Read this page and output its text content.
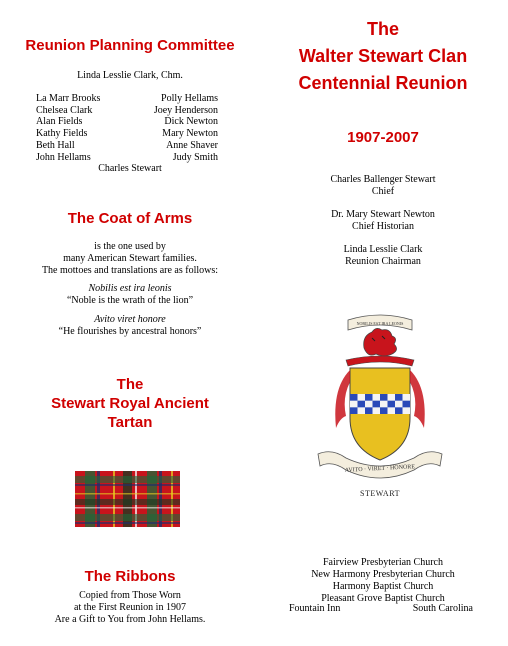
Reunion Planning Committee
Linda Lesslie Clark, Chm.
La Marr Brooks	Polly Hellams
Chelsea Clark	Joey Henderson
Alan Fields	Dick Newton
Kathy Fields	Mary Newton
Beth Hall	Anne Shaver
John Hellams	Judy Smith
Charles Stewart
The Coat of Arms
is the one used by
many American Stewart families.
The mottoes and translations are as follows:
Nobilis est ira leonis
“Noble is the wrath of the lion”
Avito viret honore
“He flourishes by ancestral honors”
The
Stewart Royal Ancient
Tartan
The Ribbons
Copied from Those Worn
at the First Reunion in 1907
Are a Gift to You from John Hellams.
The
Walter Stewart Clan
Centennial Reunion
1907-2007
Charles Ballenger Stewart
Chief
Dr. Mary Stewart Newton
Chief Historian
Linda Lesslie Clark
Reunion Chairman
NOBILIS EST IRA LEONIS
AVITO · VIRET · HONORE
STEWART
Fairview Presbyterian Church
New Harmony Presbyterian Church
Harmony Baptist Church
Pleasant Grove Baptist Church
Fountain Inn	South Carolina
